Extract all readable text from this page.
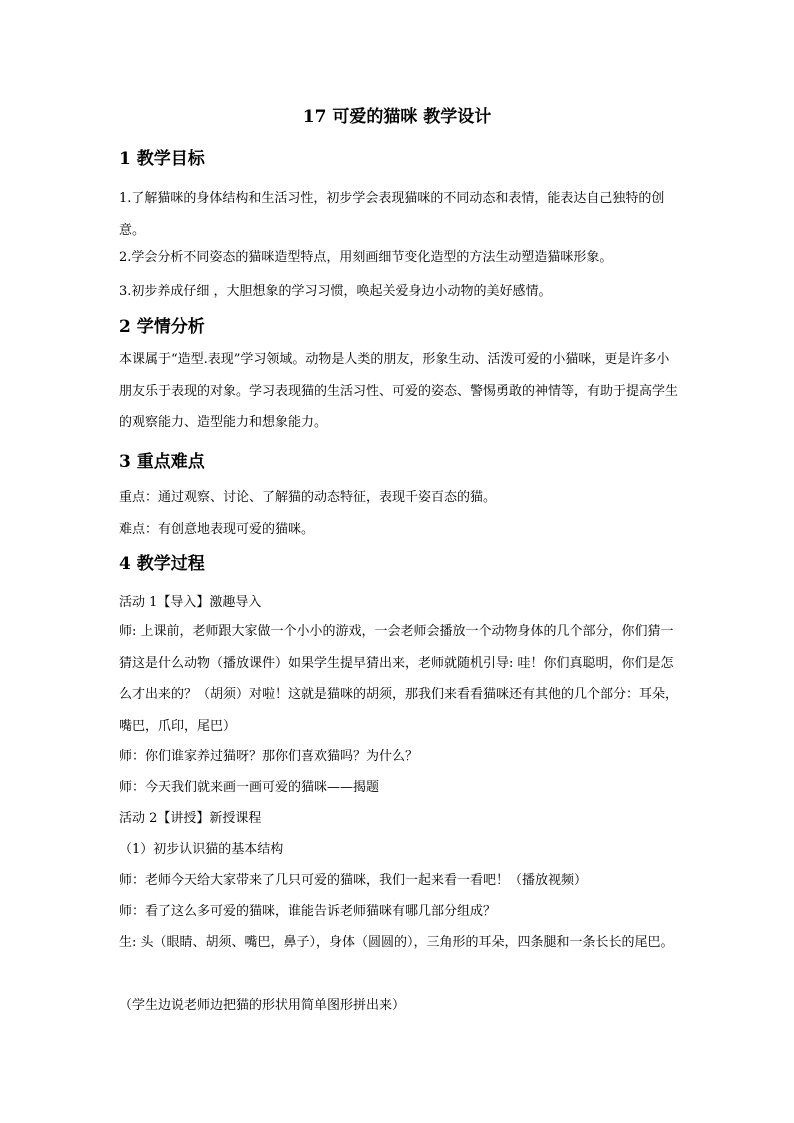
17 可爱的猫咪 教学设计
1 教学目标

1.了解猫咪的身体结构和生活习性，初步学会表现猫咪的不同动态和表情，能表达自己独特的创意。

2.学会分析不同姿态的猫咪造型特点，用刻画细节变化造型的方法生动塑造猫咪形象。

3.初步养成仔细 ，大胆想象的学习习惯，唤起关爱身边小动物的美好感情。

2 学情分析

本课属于“造型.表现”学习领域。动物是人类的朋友，形象生动、活泼可爱的小猫咪，更是许多小朋友乐于表现的对象。学习表现猫的生活习性、可爱的姿态、警惕勇敢的神情等，有助于提高学生的观察能力、造型能力和想象能力。

3 重点难点

重点：通过观察、讨论、了解猫的动态特征，表现千姿百态的猫。

难点：有创意地表现可爱的猫咪。

4 教学过程

活动 1【导入】激趣导入

师: 上课前，老师跟大家做一个小小的游戏，一会老师会播放一个动物身体的几个部分，你们猜一猜这是什么动物（播放课件）如果学生提早猜出来，老师就随机引导: 哇！你们真聪明，你们是怎么才出来的？（胡须）对啦！这就是猫咪的胡须，那我们来看看猫咪还有其他的几个部分：耳朵，嘴巴，爪印，尾巴）

师：你们谁家养过猫呀？那你们喜欢猫吗？为什么？

师：今天我们就来画一画可爱的猫咪——揭题

活动 2【讲授】新授课程

（1）初步认识猫的基本结构

师：老师今天给大家带来了几只可爱的猫咪，我们一起来看一看吧！（播放视频）

师：看了这么多可爱的猫咪，谁能告诉老师猫咪有哪几部分组成？

生: 头（眼睛、胡须、嘴巴，鼻子），身体（圆圆的），三角形的耳朵，四条腿和一条长长的尾巴。

（学生边说老师边把猫的形状用简单图形拼出来）
